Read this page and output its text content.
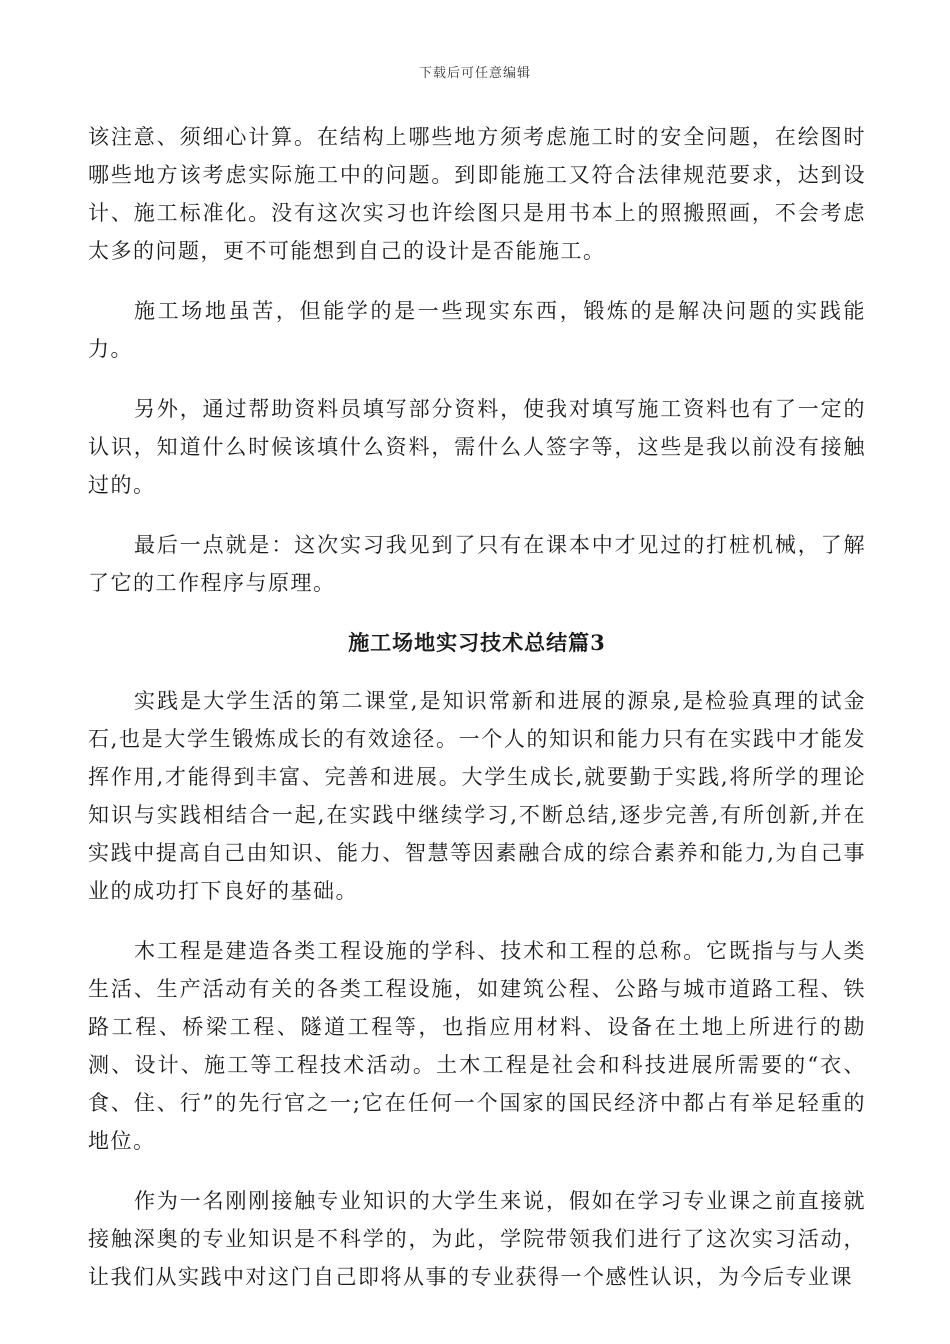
下载后可任意编辑

该注意、须细心计算。在结构上哪些地方须考虑施工时的安全问题，在绘图时哪些地方该考虑实际施工中的问题。到即能施工又符合法律规范要求，达到设计、施工标准化。没有这次实习也许绘图只是用书本上的照搬照画，不会考虑太多的问题，更不可能想到自己的设计是否能施工。

施工场地虽苦，但能学的是一些现实东西，锻炼的是解决问题的实践能力。

另外，通过帮助资料员填写部分资料，使我对填写施工资料也有了一定的认识，知道什么时候该填什么资料，需什么人签字等，这些是我以前没有接触过的。

最后一点就是：这次实习我见到了只有在课本中才见过的打桩机械，了解了它的工作程序与原理。

施工场地实习技术总结篇3

实践是大学生活的第二课堂,是知识常新和进展的源泉,是检验真理的试金石,也是大学生锻炼成长的有效途径。一个人的知识和能力只有在实践中才能发挥作用,才能得到丰富、完善和进展。大学生成长,就要勤于实践,将所学的理论知识与实践相结合一起,在实践中继续学习,不断总结,逐步完善,有所创新,并在实践中提高自己由知识、能力、智慧等因素融合成的综合素养和能力,为自己事业的成功打下良好的基础。

木工程是建造各类工程设施的学科、技术和工程的总称。它既指与与人类生活、生产活动有关的各类工程设施，如建筑公程、公路与城市道路工程、铁路工程、桥梁工程、隧道工程等，也指应用材料、设备在土地上所进行的勘测、设计、施工等工程技术活动。土木工程是社会和科技进展所需要的“衣、食、住、行”的先行官之一;它在任何一个国家的国民经济中都占有举足轻重的地位。

作为一名刚刚接触专业知识的大学生来说，假如在学习专业课之前直接就接触深奥的专业知识是不科学的，为此，学院带领我们进行了这次实习活动，让我们从实践中对这门自己即将从事的专业获得一个感性认识，为今后专业课
